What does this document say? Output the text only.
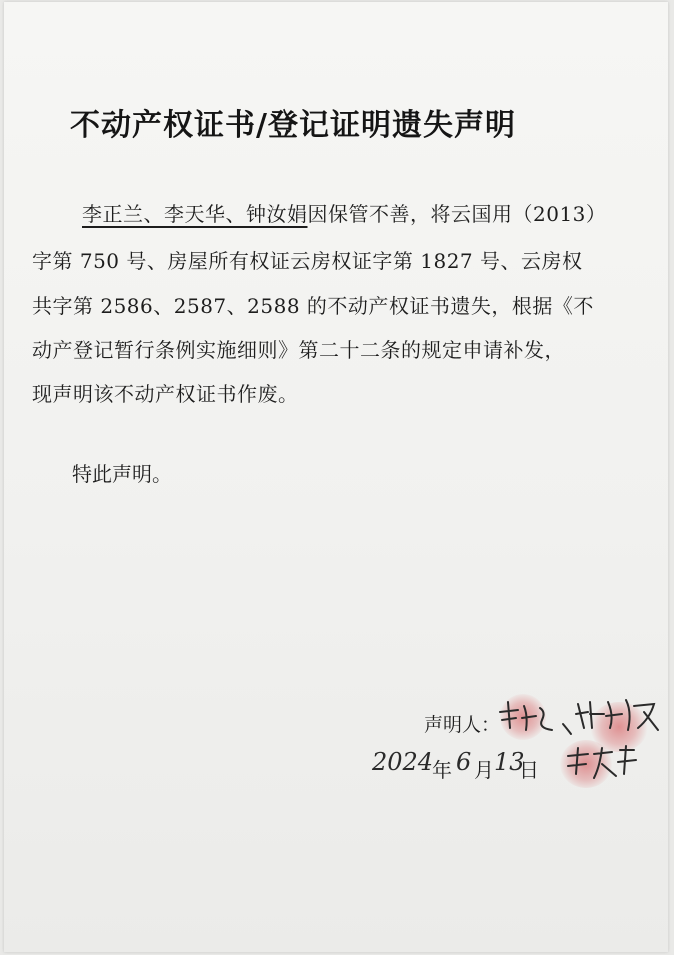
不动产权证书/登记证明遗失声明
李正兰、李天华、钟汝娟因保管不善，将云国用（2013）
字第 750 号、房屋所有权证云房权证字第 1827 号、云房权
共字第 2586、2587、2588 的不动产权证书遗失，根据《不
动产登记暂行条例实施细则》第二十二条的规定申请补发，
现声明该不动产权证书作废。
特此声明。
声明人：
2024
年 6 月 13
日
